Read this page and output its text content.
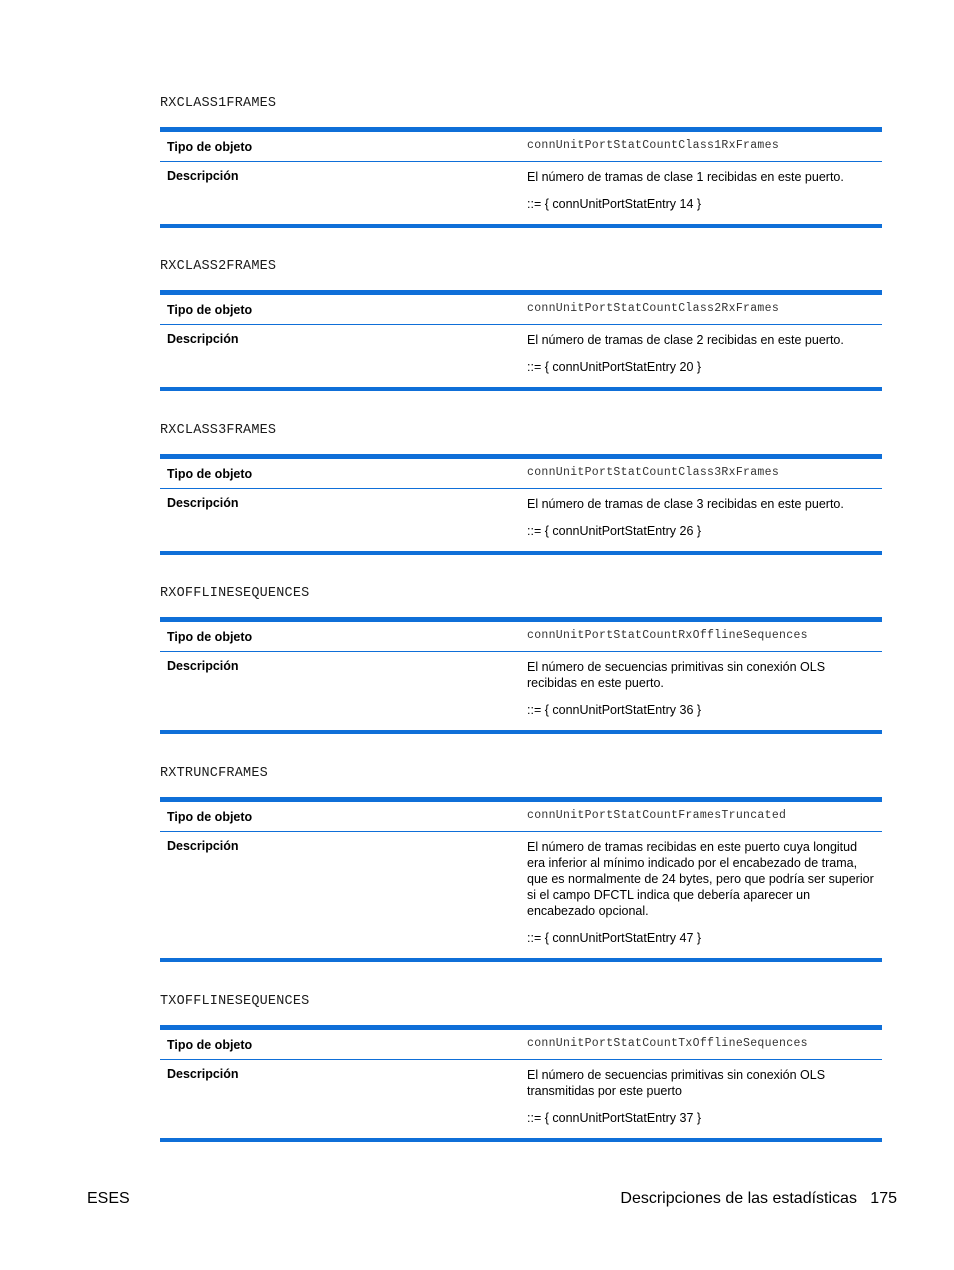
RXCLASS1FRAMES
Tipo de objeto	connUnitPortStatCountClass1RxFrames
Descripción	El número de tramas de clase 1 recibidas en este puerto.
::= { connUnitPortStatEntry 14 }
RXCLASS2FRAMES
Tipo de objeto	connUnitPortStatCountClass2RxFrames
Descripción	El número de tramas de clase 2 recibidas en este puerto.
::= { connUnitPortStatEntry 20 }
RXCLASS3FRAMES
Tipo de objeto	connUnitPortStatCountClass3RxFrames
Descripción	El número de tramas de clase 3 recibidas en este puerto.
::= { connUnitPortStatEntry 26 }
RXOFFLINESEQUENCES
Tipo de objeto	connUnitPortStatCountRxOfflineSequences
Descripción	El número de secuencias primitivas sin conexión OLS recibidas en este puerto.
::= { connUnitPortStatEntry 36 }
RXTRUNCFRAMES
Tipo de objeto	connUnitPortStatCountFramesTruncated
Descripción	El número de tramas recibidas en este puerto cuya longitud era inferior al mínimo indicado por el encabezado de trama, que es normalmente de 24 bytes, pero que podría ser superior si el campo DFCTL indica que debería aparecer un encabezado opcional.
::= { connUnitPortStatEntry 47 }
TXOFFLINESEQUENCES
Tipo de objeto	connUnitPortStatCountTxOfflineSequences
Descripción	El número de secuencias primitivas sin conexión OLS transmitidas por este puerto
::= { connUnitPortStatEntry 37 }
ESES	Descripciones de las estadísticas 175
